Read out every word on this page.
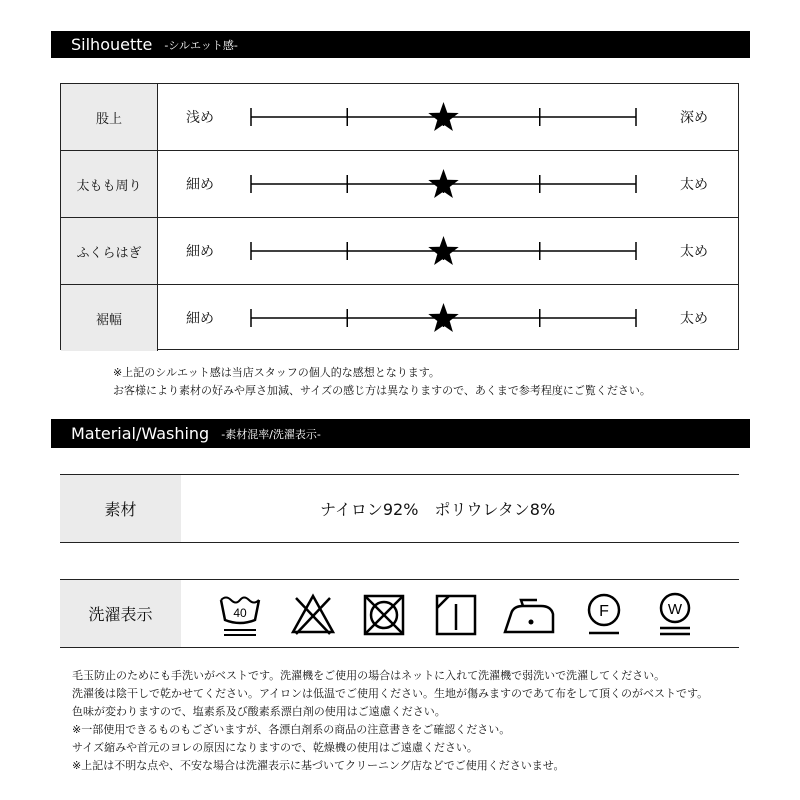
Silhouette -シルエット感-
股上	浅め	深め
太もも周り	細め	太め
ふくらはぎ	細め	太め
裾幅	細め	太め
※上記のシルエット感は当店スタッフの個人的な感想となります。
お客様により素材の好みや厚さ加減、サイズの感じ方は異なりますので、あくまで参考程度にご覧ください。
Material/Washing -素材混率/洗濯表示-
素材	ナイロン92%　ポリウレタン8%
洗濯表示	40	F	W
毛玉防止のためにも手洗いがベストです。洗濯機をご使用の場合はネットに入れて洗濯機で弱洗いで洗濯してください。
洗濯後は陰干しで乾かせてください。アイロンは低温でご使用ください。生地が傷みますのであて布をして頂くのがベストです。
色味が変わりますので、塩素系及び酸素系漂白剤の使用はご遠慮ください。
※一部使用できるものもございますが、各漂白剤系の商品の注意書きをご確認ください。
サイズ縮みや首元のヨレの原因になりますので、乾燥機の使用はご遠慮ください。
※上記は不明な点や、不安な場合は洗濯表示に基づいてクリーニング店などでご使用くださいませ。
